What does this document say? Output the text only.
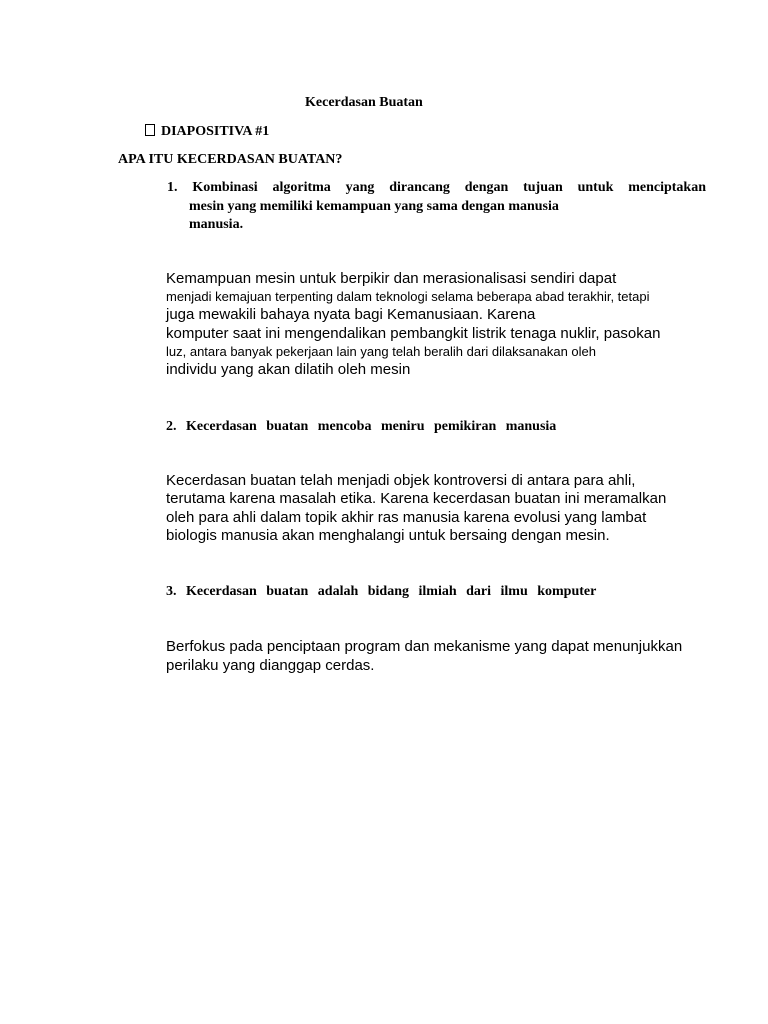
Kecerdasan Buatan
DIAPOSITIVA #1
APA ITU KECERDASAN BUATAN?
1. Kombinasi algoritma yang dirancang dengan tujuan untuk menciptakan
mesin yang memiliki kemampuan yang sama dengan manusia
manusia.
Kemampuan mesin untuk berpikir dan merasionalisasi sendiri dapat
menjadi kemajuan terpenting dalam teknologi selama beberapa abad terakhir, tetapi
juga mewakili bahaya nyata bagi Kemanusiaan. Karena
komputer saat ini mengendalikan pembangkit listrik tenaga nuklir, pasokan
luz, antara banyak pekerjaan lain yang telah beralih dari dilaksanakan oleh
individu yang akan dilatih oleh mesin
2. Kecerdasan buatan mencoba meniru pemikiran manusia
Kecerdasan buatan telah menjadi objek kontroversi di antara para ahli,
terutama karena masalah etika. Karena kecerdasan buatan ini meramalkan
oleh para ahli dalam topik akhir ras manusia karena evolusi yang lambat
biologis manusia akan menghalangi untuk bersaing dengan mesin.
3. Kecerdasan buatan adalah bidang ilmiah dari ilmu komputer
Berfokus pada penciptaan program dan mekanisme yang dapat menunjukkan
perilaku yang dianggap cerdas.
